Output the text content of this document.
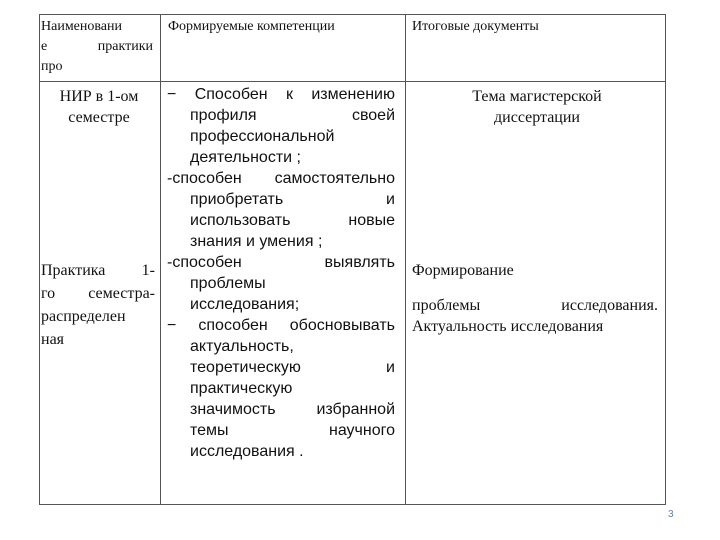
Наименовани
е практики
про
Формируемые компетенции	Итоговые документы
НИР в 1-ом
семестре
− Способен к изменению
профиля своей
профессиональной
деятельности ;
-способен самостоятельно
приобретать и
использовать новые
знания и умения ;
Тема магистерской
диссертации
Практика 1-
го семестра-
распределен
ная
-способен выявлять
проблемы
исследования;
− способен обосновывать
актуальность,
теоретическую и
практическую
значимость избранной
темы научного
исследования .
Формирование
проблемы исследования.
Актуальность исследования
3
